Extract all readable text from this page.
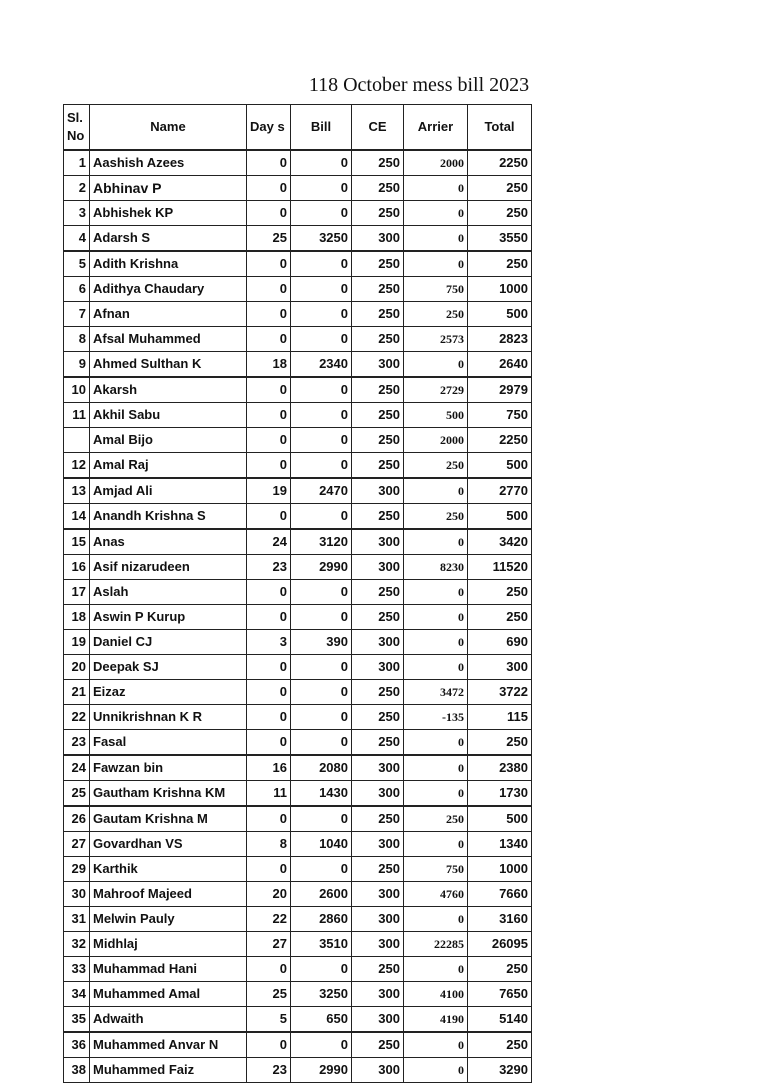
118 October mess bill 2023
Sl. No	Name	Day s	Bill	CE	Arrier	Total
1	Aashish Azees	0	0	250	2000	2250
2	Abhinav P	0	0	250	0	250
3	Abhishek KP	0	0	250	0	250
4	Adarsh S	25	3250	300	0	3550
5	Adith Krishna	0	0	250	0	250
6	Adithya Chaudary	0	0	250	750	1000
7	Afnan	0	0	250	250	500
8	Afsal Muhammed	0	0	250	2573	2823
9	Ahmed Sulthan K	18	2340	300	0	2640
10	Akarsh	0	0	250	2729	2979
11	Akhil Sabu	0	0	250	500	750
	Amal Bijo	0	0	250	2000	2250
12	Amal Raj	0	0	250	250	500
13	Amjad Ali	19	2470	300	0	2770
14	Anandh Krishna S	0	0	250	250	500
15	Anas	24	3120	300	0	3420
16	Asif nizarudeen	23	2990	300	8230	11520
17	Aslah	0	0	250	0	250
18	Aswin P Kurup	0	0	250	0	250
19	Daniel CJ	3	390	300	0	690
20	Deepak SJ	0	0	300	0	300
21	Eizaz	0	0	250	3472	3722
22	Unnikrishnan K R	0	0	250	-135	115
23	Fasal	0	0	250	0	250
24	Fawzan bin	16	2080	300	0	2380
25	Gautham Krishna KM	11	1430	300	0	1730
26	Gautam Krishna M	0	0	250	250	500
27	Govardhan VS	8	1040	300	0	1340
29	Karthik	0	0	250	750	1000
30	Mahroof Majeed	20	2600	300	4760	7660
31	Melwin Pauly	22	2860	300	0	3160
32	Midhlaj	27	3510	300	22285	26095
33	Muhammad Hani	0	0	250	0	250
34	Muhammed Amal	25	3250	300	4100	7650
35	Adwaith	5	650	300	4190	5140
36	Muhammed Anvar N	0	0	250	0	250
38	Muhammed Faiz	23	2990	300	0	3290
